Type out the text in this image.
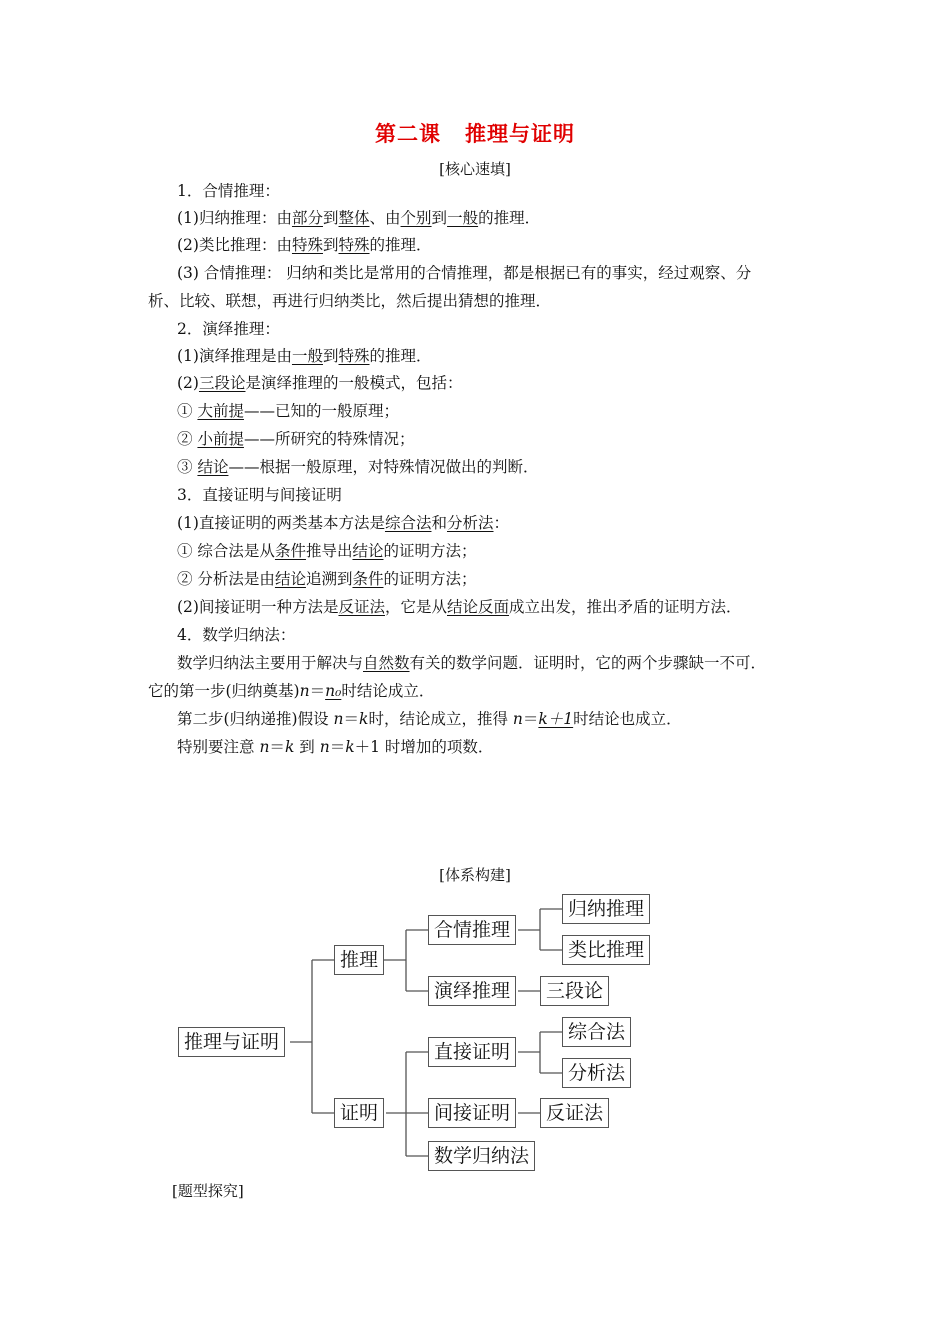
第二课 推理与证明
[核心速填]
1．合情推理：
(1)归纳推理：由部分到整体、由个别到一般的推理．
(2)类比推理：由特殊到特殊的推理．
(3) 合情推理： 归纳和类比是常用的合情推理，都是根据已有的事实，经过观察、分
析、比较、联想，再进行归纳类比，然后提出猜想的推理．
2．演绎推理：
(1)演绎推理是由一般到特殊的推理．
(2)三段论是演绎推理的一般模式，包括：
① 大前提——已知的一般原理；
② 小前提——所研究的特殊情况；
③ 结论——根据一般原理，对特殊情况做出的判断．
3．直接证明与间接证明
(1)直接证明的两类基本方法是综合法和分析法：
① 综合法是从条件推导出结论的证明方法；
② 分析法是由结论追溯到条件的证明方法；
(2)间接证明一种方法是反证法，它是从结论反面成立出发，推出矛盾的证明方法．
4．数学归纳法：
数学归纳法主要用于解决与自然数有关的数学问题．证明时，它的两个步骤缺一不可．
它的第一步(归纳奠基)n＝n₀时结论成立．
第二步(归纳递推)假设 n＝k时，结论成立，推得 n＝k＋1时结论也成立．
特别要注意 n＝k 到 n＝k＋1 时增加的项数．
[体系构建]
推理与证明
推理
合情推理
归纳推理
类比推理
演绎推理	三段论
证明
直接证明
综合法
分析法
间接证明	反证法
数学归纳法
[题型探究]
